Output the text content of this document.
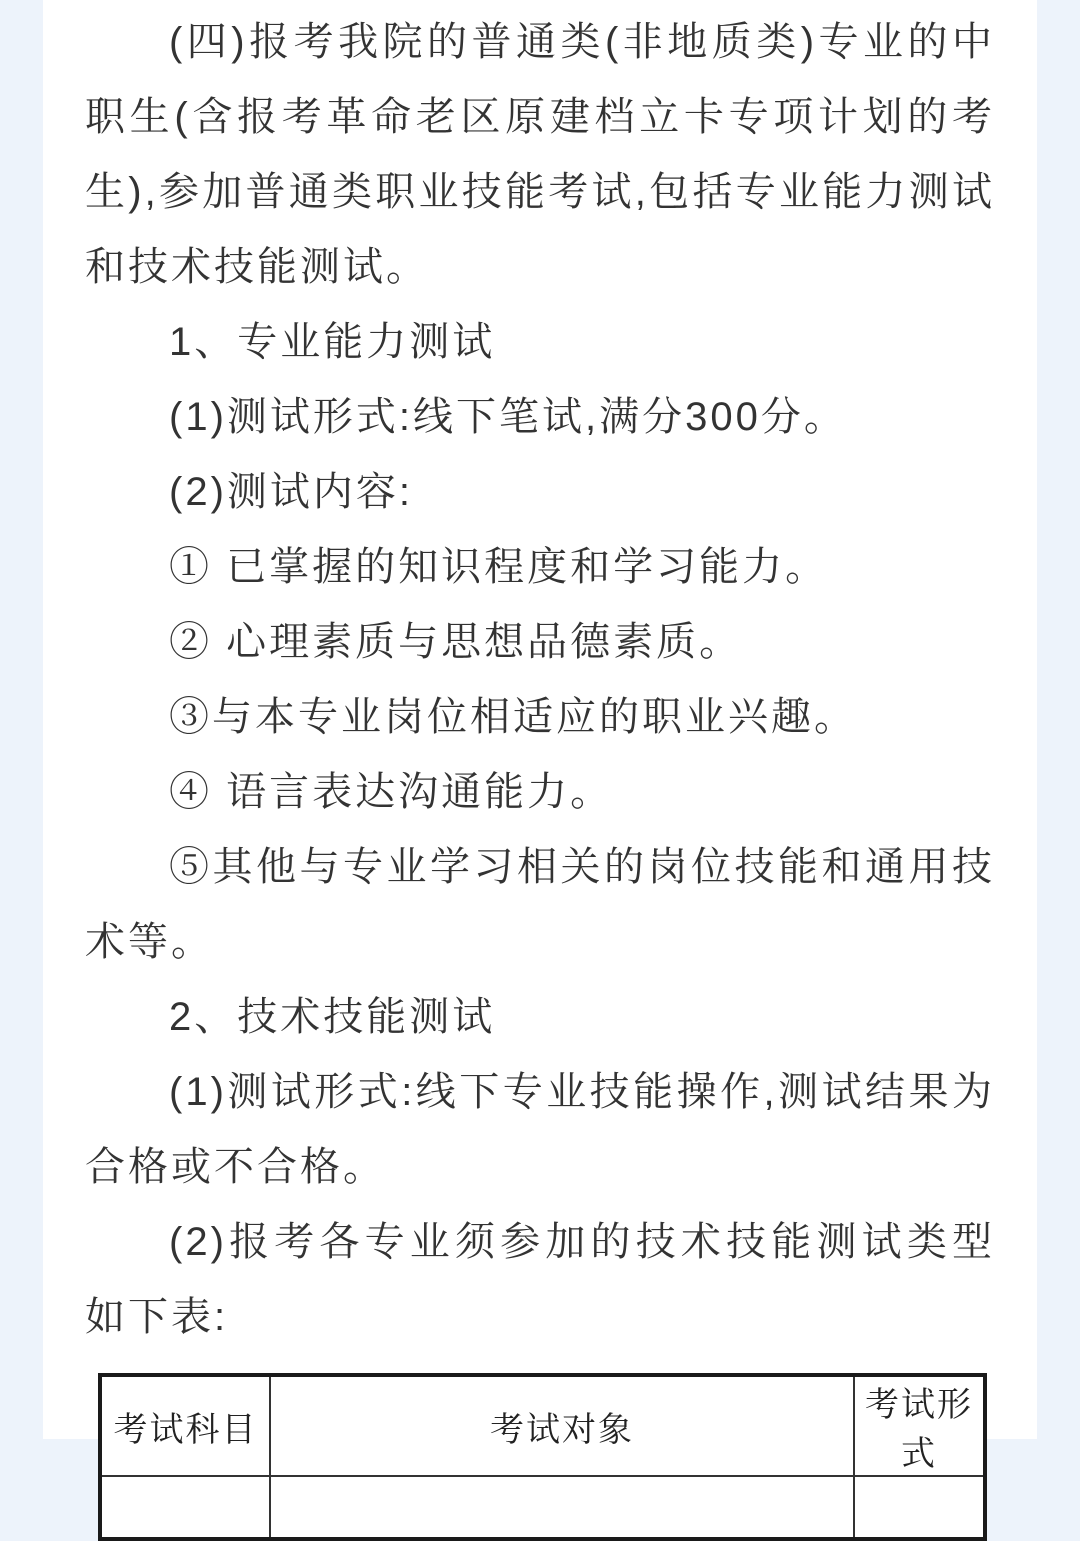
(四)报考我院的普通类(非地质类)专业的中职生(含报考革命老区原建档立卡专项计划的考生),参加普通类职业技能考试,包括专业能力测试和技术技能测试。

1、专业能力测试

(1)测试形式:线下笔试,满分300分。

(2)测试内容:

① 已掌握的知识程度和学习能力。

② 心理素质与思想品德素质。

③与本专业岗位相适应的职业兴趣。

④ 语言表达沟通能力。

⑤其他与专业学习相关的岗位技能和通用技术等。

2、技术技能测试

(1)测试形式:线下专业技能操作,测试结果为合格或不合格。

(2)报考各专业须参加的技术技能测试类型如下表:

考试科目	考试对象	考试形式
